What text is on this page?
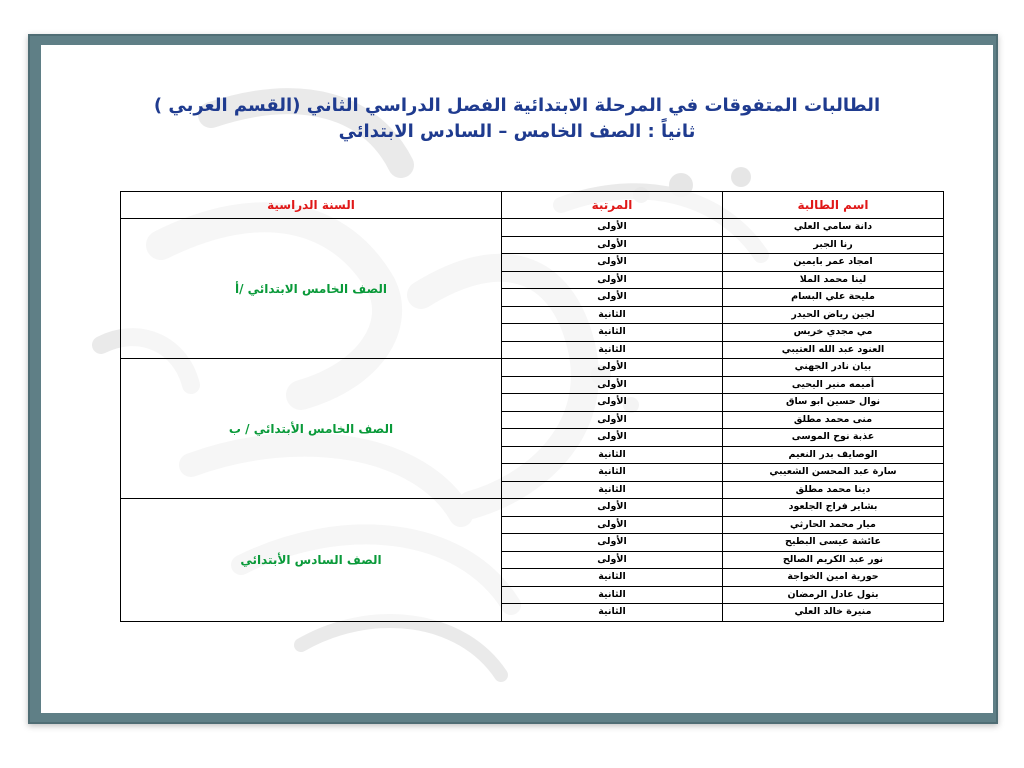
الطالبات المتفوقات في المرحلة الابتدائية الفصل الدراسي الثاني (القسم العربي )
ثانياً : الصف الخامس – السادس الابتدائي
اسم الطالبة	المرتبة	السنة الدراسية
دانة سامي العلي	الأولى	الصف الخامس الابتدائي /أ
رنا الجبر	الأولى	
امجاد عمر بايمين	الأولى	
لينا محمد الملا	الأولى	
مليحة علي البسام	الأولى	
لجين رياض الحيدر	الثانية	
مي مجدي خريس	الثانية	
العنود عبد الله العتيبي	الثانية	
بيان نادر الجهني	الأولى	الصف الخامس الأبتدائي / ب
أميمه منير اليحيى	الأولى	
نوال حسين ابو ساق	الأولى	
منى محمد مطلق	الأولى	
عذبة نوح الموسى	الأولى	
الوصايف بدر النعيم	الثانية	
سارة عبد المحسن الشعيبي	الثانية	
دينا محمد مطلق	الثانية	
بشاير فراج الجلعود	الأولى	الصف السادس الأبتدائي
ميار محمد الحارثي	الأولى	
عائشة عيسى البطيح	الأولى	
نور عبد الكريم الصالح	الأولى	
حورية امين الخواجة	الثانية	
بتول عادل الرمضان	الثانية	
منيرة خالد العلي	الثانية	
